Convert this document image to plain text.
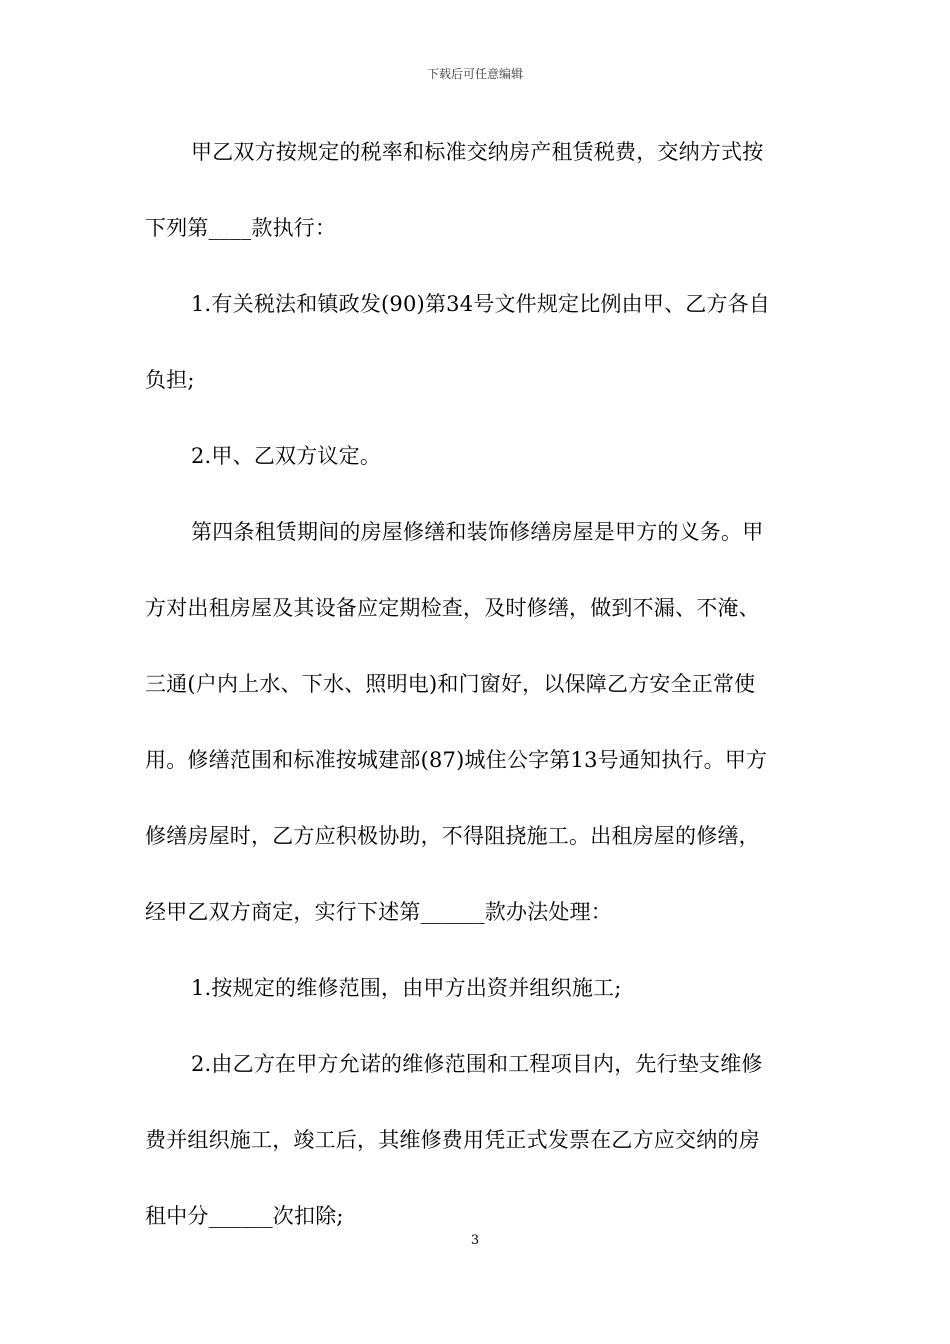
下载后可任意编辑
甲乙双方按规定的税率和标准交纳房产租赁税费，交纳方式按
下列第____款执行：
1.有关税法和镇政发(90)第34号文件规定比例由甲、乙方各自
负担;
2.甲、乙双方议定。
第四条租赁期间的房屋修缮和装饰修缮房屋是甲方的义务。甲
方对出租房屋及其设备应定期检查，及时修缮，做到不漏、不淹、
三通(户内上水、下水、照明电)和门窗好，以保障乙方安全正常使
用。修缮范围和标准按城建部(87)城住公字第13号通知执行。甲方
修缮房屋时，乙方应积极协助，不得阻挠施工。出租房屋的修缮，
经甲乙双方商定，实行下述第______款办法处理：
1.按规定的维修范围，由甲方出资并组织施工;
2.由乙方在甲方允诺的维修范围和工程项目内，先行垫支维修
费并组织施工，竣工后，其维修费用凭正式发票在乙方应交纳的房
租中分______次扣除;
3
